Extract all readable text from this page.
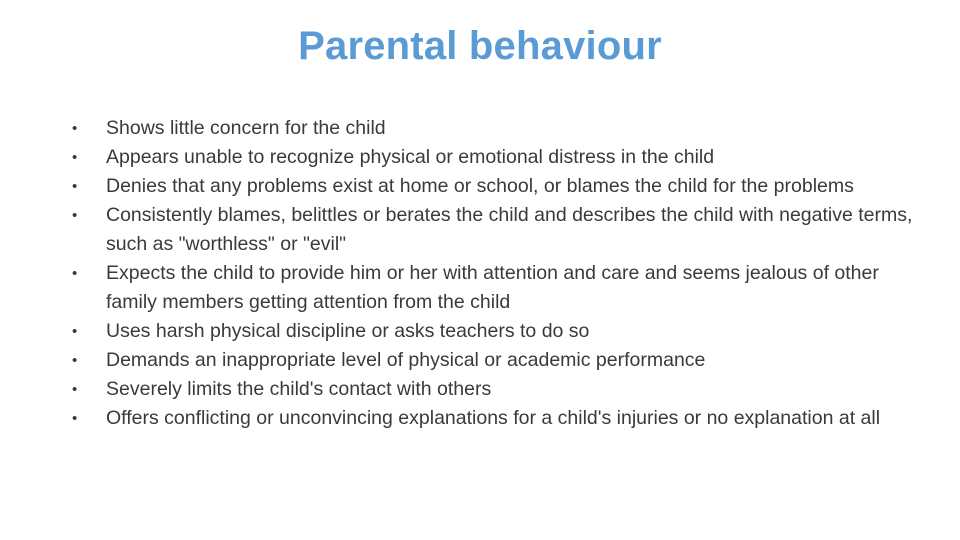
Parental behaviour
• Shows little concern for the child
• Appears unable to recognize physical or emotional distress in the child
• Denies that any problems exist at home or school, or blames the child for the problems
• Consistently blames, belittles or berates the child and describes the child with negative terms, such as "worthless" or "evil"
• Expects the child to provide him or her with attention and care and seems jealous of other family members getting attention from the child
• Uses harsh physical discipline or asks teachers to do so
• Demands an inappropriate level of physical or academic performance
• Severely limits the child's contact with others
• Offers conflicting or unconvincing explanations for a child's injuries or no explanation at all
